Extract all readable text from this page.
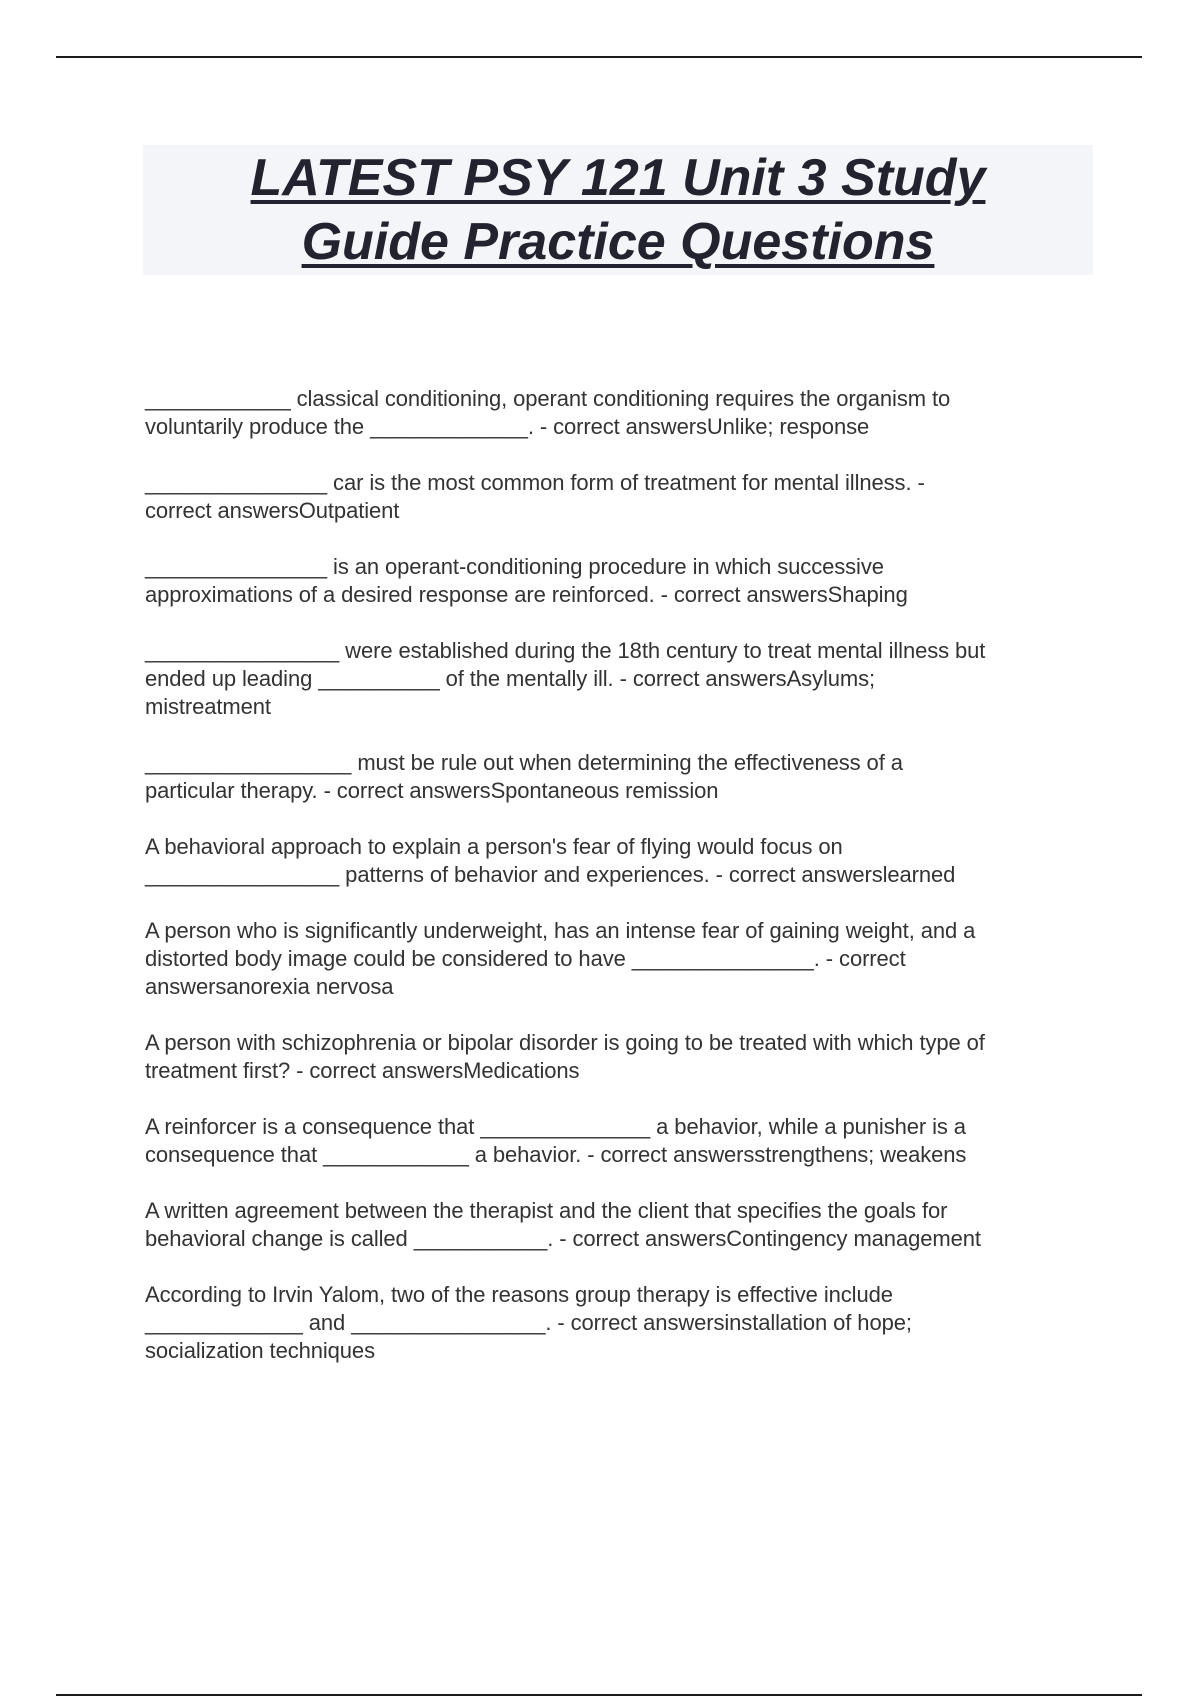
LATEST PSY 121 Unit 3 Study
Guide Practice Questions

____________ classical conditioning, operant conditioning requires the organism to
voluntarily produce the _____________. - correct answersUnlike; response

_______________ car is the most common form of treatment for mental illness. -
correct answersOutpatient

_______________ is an operant-conditioning procedure in which successive
approximations of a desired response are reinforced. - correct answersShaping

________________ were established during the 18th century to treat mental illness but
ended up leading __________ of the mentally ill. - correct answersAsylums;
mistreatment

_________________ must be rule out when determining the effectiveness of a
particular therapy. - correct answersSpontaneous remission

A behavioral approach to explain a person's fear of flying would focus on
________________ patterns of behavior and experiences. - correct answerslearned

A person who is significantly underweight, has an intense fear of gaining weight, and a
distorted body image could be considered to have _______________. - correct
answersanorexia nervosa

A person with schizophrenia or bipolar disorder is going to be treated with which type of
treatment first? - correct answersMedications

A reinforcer is a consequence that ______________ a behavior, while a punisher is a
consequence that ____________ a behavior. - correct answersstrengthens; weakens

A written agreement between the therapist and the client that specifies the goals for
behavioral change is called ___________. - correct answersContingency management

According to Irvin Yalom, two of the reasons group therapy is effective include
_____________ and ________________. - correct answersinstallation of hope;
socialization techniques
